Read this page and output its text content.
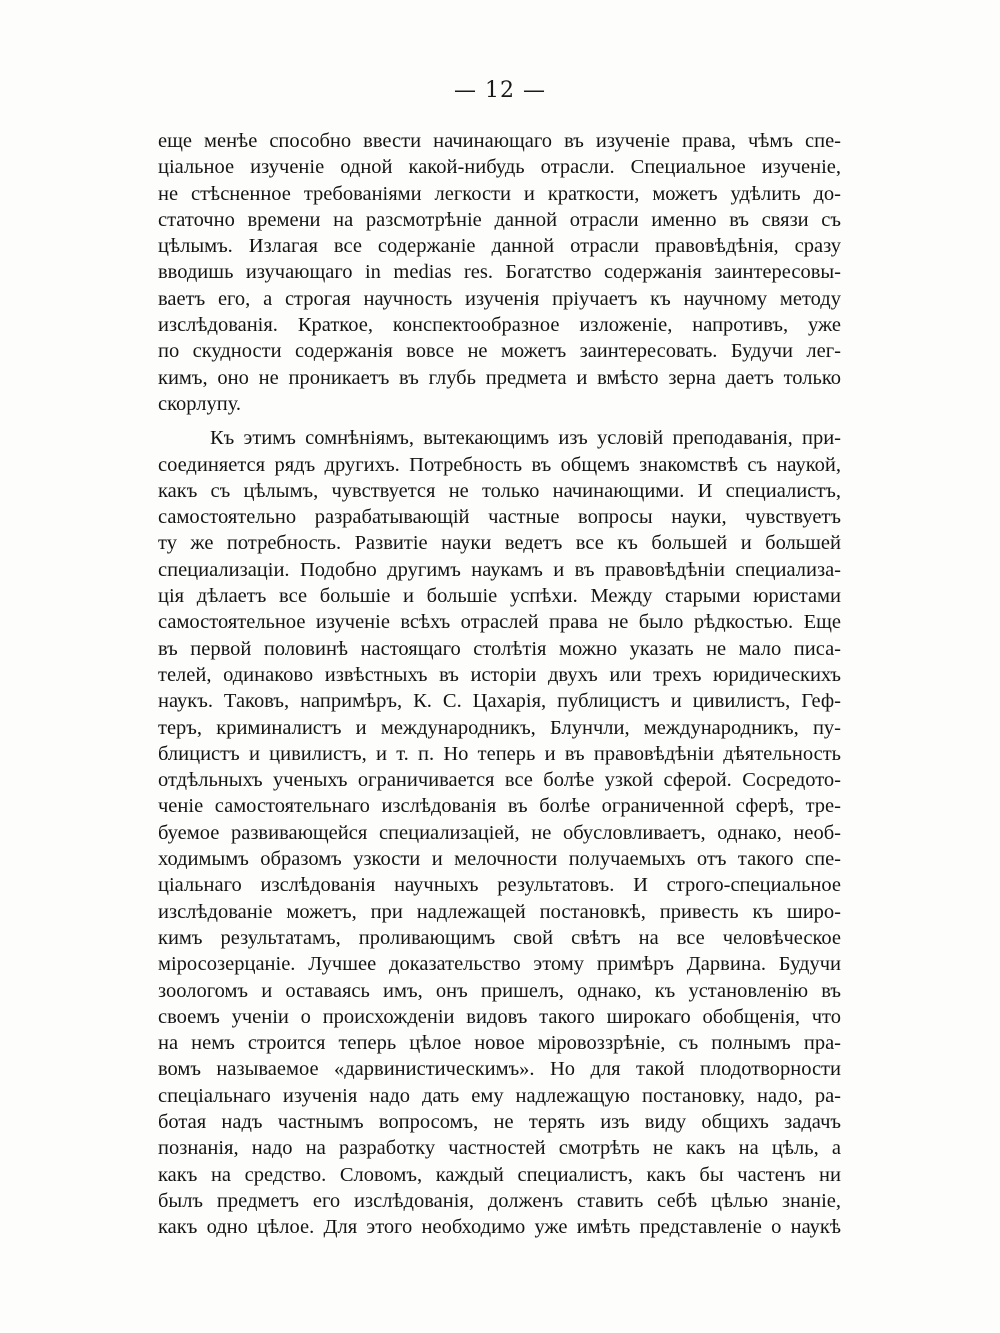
— 12 —
еще менѣе способно ввести начинающаго въ изученіе права, чѣмъ спе-
ціальное изученіе одной какой-нибудь отрасли. Специальное изученіе,
не стѣсненное требованіями легкости и краткости, можетъ удѣлить до-
статочно времени на разсмотрѣніе данной отрасли именно въ связи съ
цѣлымъ. Излагая все содержаніе данной отрасли правовѣдѣнія, сразу
вводишь изучающаго in medias res. Богатство содержанія заинтересовы-
ваетъ его, а строгая научность изученія пріучаетъ къ научному методу
изслѣдованія. Краткое, конспектообразное изложеніе, напротивъ, уже
по скудности содержанія вовсе не можетъ заинтересовать. Будучи лег-
кимъ, оно не проникаетъ въ глубь предмета и вмѣсто зерна даетъ только
скорлупу.
Къ этимъ сомнѣніямъ, вытекающимъ изъ условій преподаванія, при-
соединяется рядъ другихъ. Потребность въ общемъ знакомствѣ съ наукой,
какъ съ цѣлымъ, чувствуется не только начинающими. И специалистъ,
самостоятельно разрабатывающій частные вопросы науки, чувствуетъ
ту же потребность. Развитіе науки ведетъ все къ большей и большей
специализаціи. Подобно другимъ наукамъ и въ правовѣдѣніи специализа-
ція дѣлаетъ все большіе и большіе успѣхи. Между старыми юристами
самостоятельное изученіе всѣхъ отраслей права не было рѣдкостью. Еще
въ первой половинѣ настоящаго столѣтія можно указать не мало писа-
телей, одинаково извѣстныхъ въ исторіи двухъ или трехъ юридическихъ
наукъ. Таковъ, напримѣръ, К. С. Цахарія, публицистъ и цивилистъ, Геф-
теръ, криминалистъ и международникъ, Блунчли, международникъ, пу-
блицистъ и цивилистъ, и т. п. Но теперь и въ правовѣдѣніи дѣятельность
отдѣльныхъ ученыхъ ограничивается все болѣе узкой сферой. Сосредото-
ченіе самостоятельнаго изслѣдованія въ болѣе ограниченной сферѣ, тре-
буемое развивающейся специализаціей, не обусловливаетъ, однако, необ-
ходимымъ образомъ узкости и мелочности получаемыхъ отъ такого спе-
ціальнаго изслѣдованія научныхъ результатовъ. И строго-специальное
изслѣдованіе можетъ, при надлежащей постановкѣ, привесть къ широ-
кимъ результатамъ, проливающимъ свой свѣтъ на все человѣческое
міросозерцаніе. Лучшее доказательство этому примѣръ Дарвина. Будучи
зоологомъ и оставаясь имъ, онъ пришелъ, однако, къ установленію въ
своемъ ученіи о происхожденіи видовъ такого широкаго обобщенія, что
на немъ строится теперь цѣлое новое міровоззрѣніе, съ полнымъ пра-
вомъ называемое «дарвинистическимъ». Но для такой плодотворности
спеціальнаго изученія надо дать ему надлежащую постановку, надо, ра-
ботая надъ частнымъ вопросомъ, не терять изъ виду общихъ задачъ
познанія, надо на разработку частностей смотрѣть не какъ на цѣль, а
какъ на средство. Словомъ, каждый специалистъ, какъ бы частенъ ни
былъ предметъ его изслѣдованія, долженъ ставить себѣ цѣлью знаніе,
какъ одно цѣлое. Для этого необходимо уже имѣть представленіе о наукѣ
